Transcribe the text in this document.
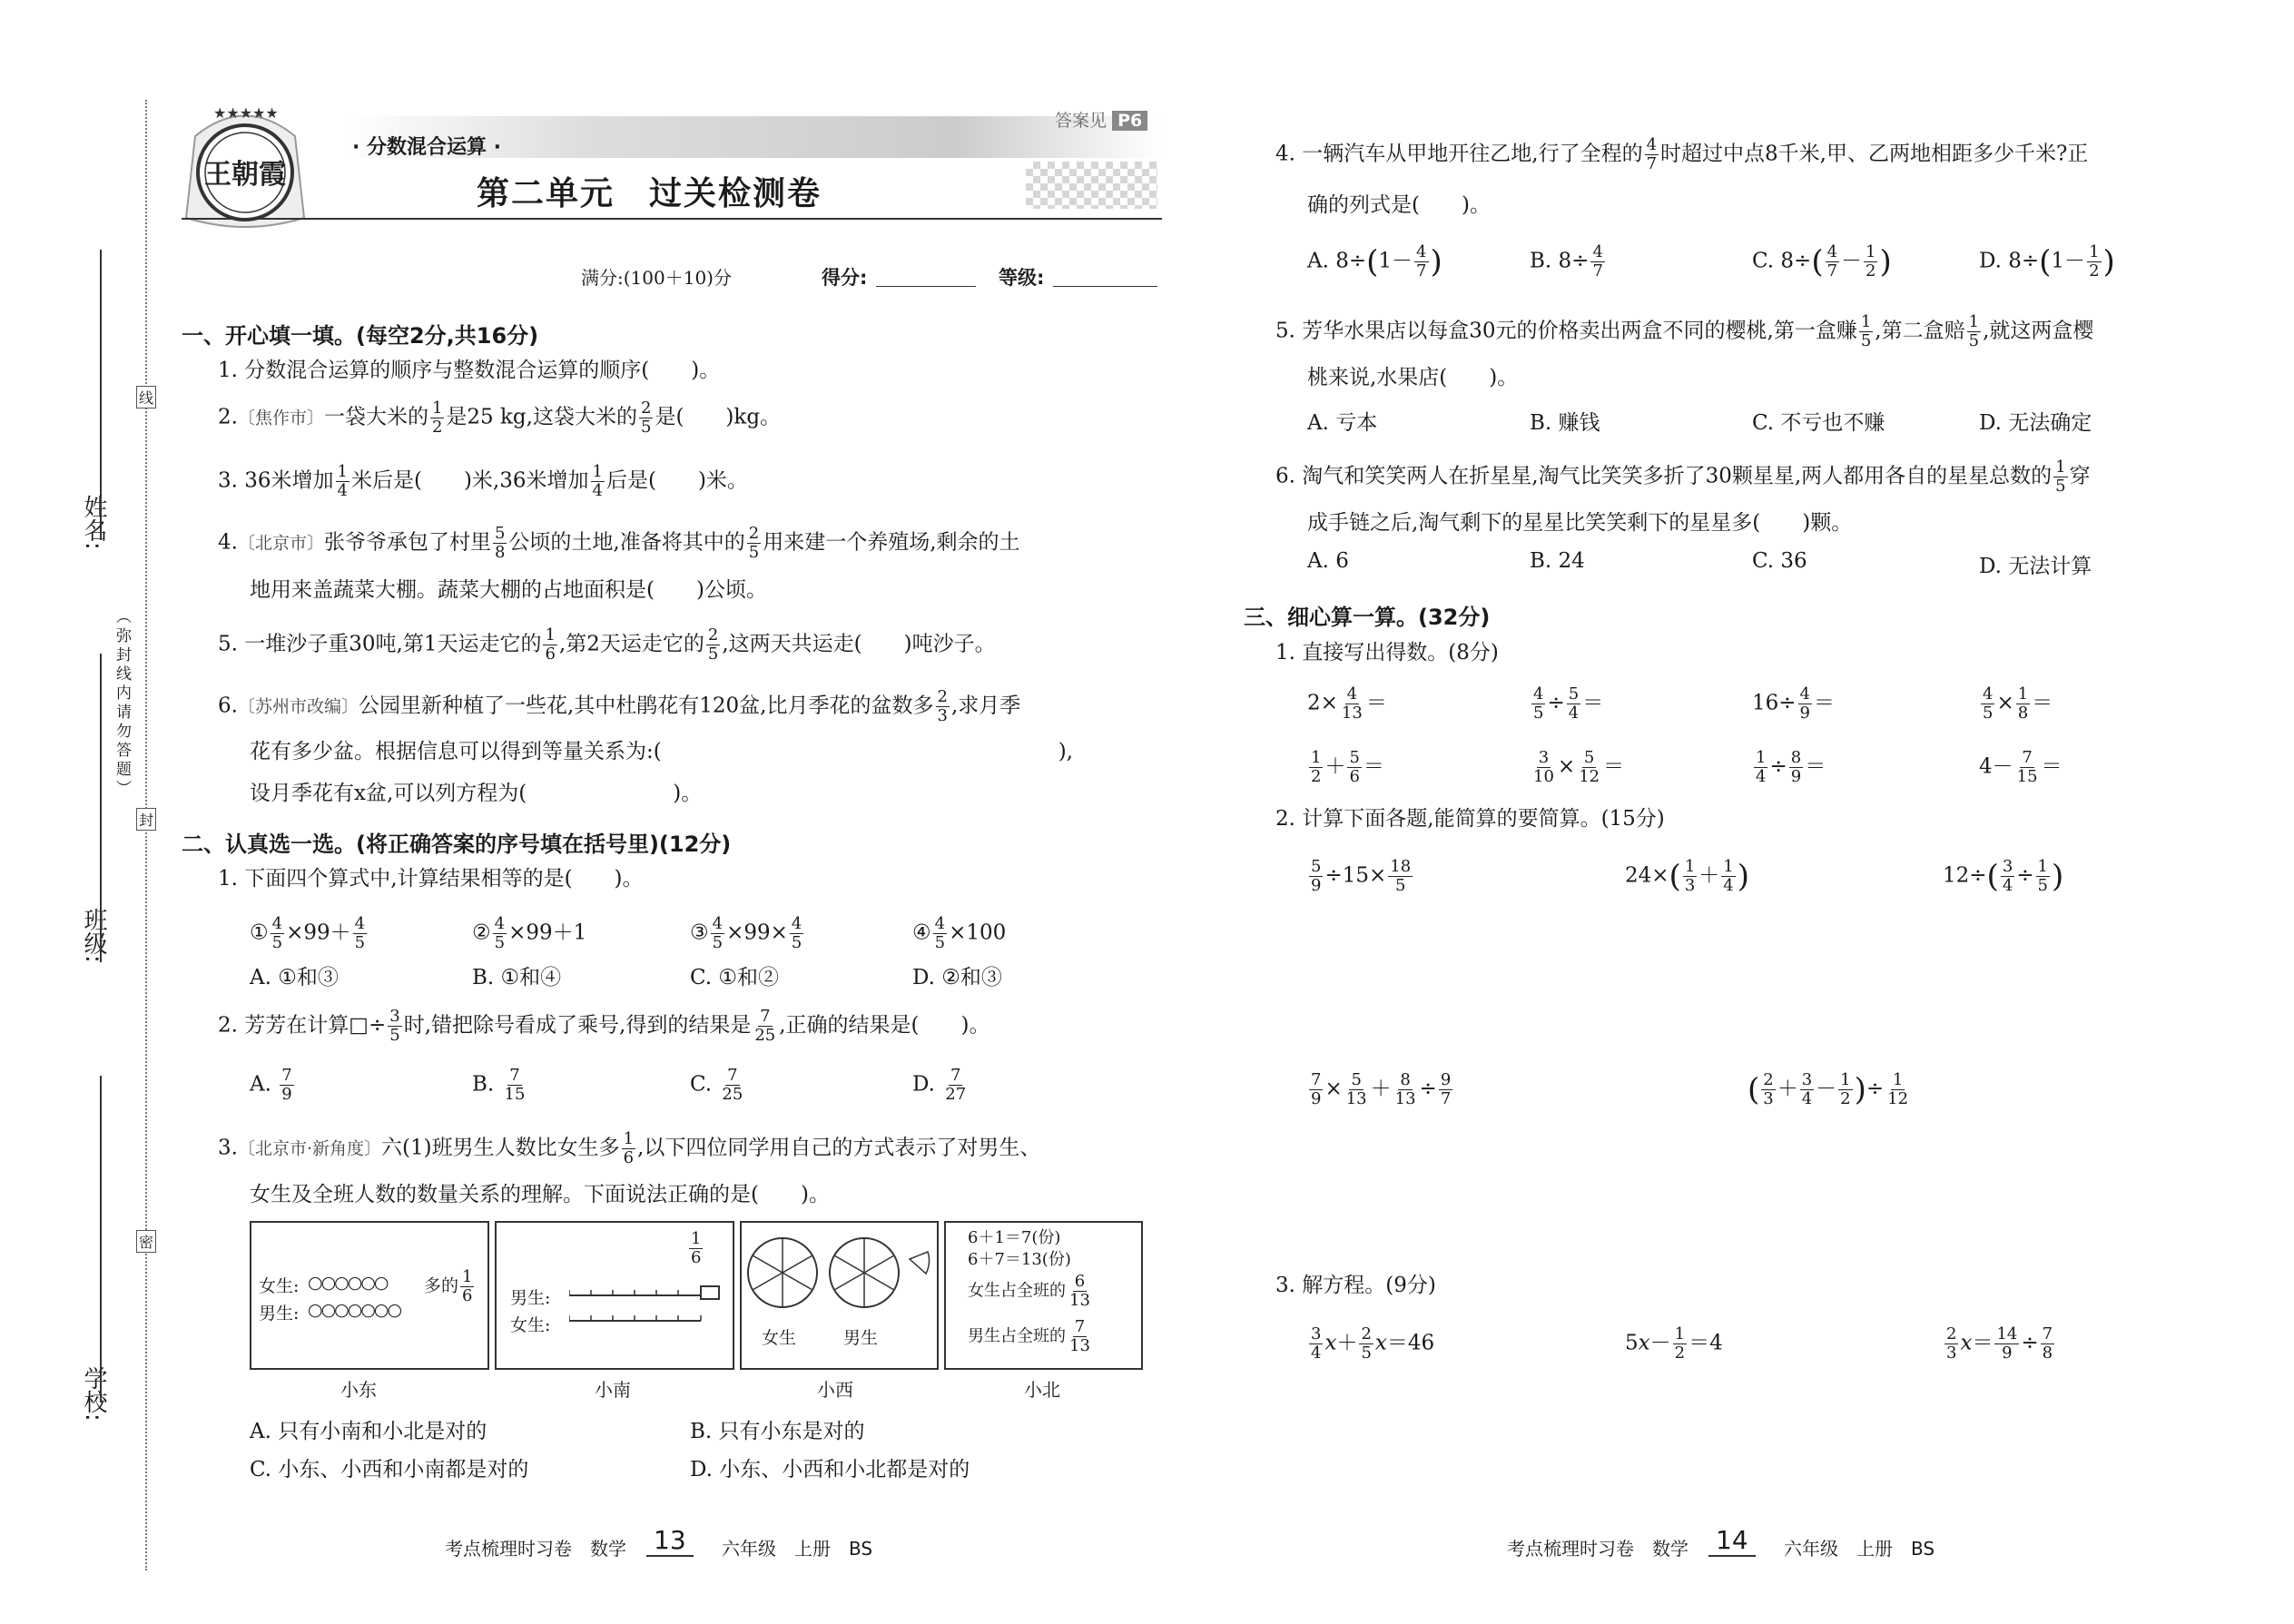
姓名:
班级:
学校:
线
封
密
（弥封线内请勿答题）
★★★★★
王朝霞
答案见 P6
· 分数混合运算 ·
第二单元　过关检测卷
满分:(100＋10)分	得分:	等级:
一、开心填一填。(每空2分,共16分)
1. 分数混合运算的顺序与整数混合运算的顺序(　　)。
2.〔焦作市〕一袋大米的 $\frac{1}{2}$ 是25 kg,这袋大米的 $\frac{2}{5}$ 是(　　)kg。
3. 36米增加 $\frac{1}{4}$ 米后是(　　)米,36米增加 $\frac{1}{4}$ 后是(　　)米。
4.〔北京市〕张爷爷承包了村里 $\frac{5}{8}$ 公顷的土地,准备将其中的 $\frac{2}{5}$ 用来建一个养殖场,剩余的土
地用来盖蔬菜大棚。蔬菜大棚的占地面积是(　　)公顷。
5. 一堆沙子重30吨,第1天运走它的 $\frac{1}{6}$ ,第2天运走它的 $\frac{2}{5}$ ,这两天共运走(　　)吨沙子。
6.〔苏州市改编〕公园里新种植了一些花,其中杜鹃花有120盆,比月季花的盆数多 $\frac{2}{3}$ ,求月季
花有多少盆。根据信息可以得到等量关系为:(　　　　　　　　　　　　　　　　　　　),
设月季花有x盆,可以列方程为(　　　　　　　)。
二、认真选一选。(将正确答案的序号填在括号里)(12分)
1. 下面四个算式中,计算结果相等的是(　　)。
① $\frac{4}{5} \times 99+ \frac{4}{5}$	② $\frac{4}{5} \times 99+1$	③ $\frac{4}{5} \times 99\times \frac{4}{5}$	④ $\frac{4}{5} \times 100$
A. ①和③	B. ①和④	C. ①和②	D. ②和③
2. 芳芳在计算□÷ $\frac{3}{5}$ 时,错把除号看成了乘号,得到的结果是 $\frac{7}{25}$ ,正确的结果是(　　)。
A. $\frac{7}{9}$	B. $\frac{7}{15}$	C. $\frac{7}{25}$	D. $\frac{7}{27}$
3.〔北京市·新角度〕六(1)班男生人数比女生多 $\frac{1}{6}$ ,以下四位同学用自己的方式表示了对男生、
女生及全班人数的数量关系的理解。下面说法正确的是(　　)。
女生:
男生:
○○○○○○
○○○○○○○
多的 $\frac{1}{6}$
$\frac{1}{6}$
男生:
女生:
女生	男生
6＋1＝7(份)
6＋7＝13(份)
女生占全班的 $\frac{6}{13}$
男生占全班的 $\frac{7}{13}$
小东	小南	小西	小北
A. 只有小南和小北是对的	B. 只有小东是对的
C. 小东、小西和小南都是对的	D. 小东、小西和小北都是对的
考点梳理时习卷　数学 13	六年级　上册　BS
4. 一辆汽车从甲地开往乙地,行了全程的 $\frac{4}{7}$ 时超过中点8千米,甲、乙两地相距多少千米?正
确的列式是(　　)。
A. $8\div(1- \frac{4}{7}$ )	B. $8\div \frac{4}{7}$	C. $8\div( \frac{4}{7} - \frac{1}{2}$ )	D. $8\div(1- \frac{1}{2}$ )
5. 芳华水果店以每盒30元的价格卖出两盒不同的樱桃,第一盒赚 $\frac{1}{5}$ ,第二盒赔 $\frac{1}{5}$ ,就这两盒樱
桃来说,水果店(　　)。
A. 亏本	B. 赚钱	C. 不亏也不赚	D. 无法确定
6. 淘气和笑笑两人在折星星,淘气比笑笑多折了30颗星星,两人都用各自的星星总数的 $\frac{1}{5}$ 穿
成手链之后,淘气剩下的星星比笑笑剩下的星星多(　　)颗。
A. 6	B. 24	C. 36	D. 无法计算
三、细心算一算。(32分)
1. 直接写出得数。(8分)
$2\times \frac{4}{13}$ ＝	$\frac{4}{5} \div \frac{5}{4}$ ＝	$16\div \frac{4}{9}$ ＝	$\frac{4}{5} \times \frac{1}{8}$ ＝
$\frac{1}{2} + \frac{5}{6}$ ＝	$\frac{3}{10} \times \frac{5}{12}$ ＝	$\frac{1}{4} \div \frac{8}{9}$ ＝	$4- \frac{7}{15}$ ＝
2. 计算下面各题,能简算的要简算。(15分)
$\frac{5}{9} \div 15\times \frac{18}{5}$	$24\times( \frac{1}{3} + \frac{1}{4}$ )	$12\div( \frac{3}{4} \div \frac{1}{5}$ )
$\frac{7}{9} \times \frac{5}{13} + \frac{8}{13} \div \frac{9}{7}$	( $\frac{2}{3} + \frac{3}{4} - \frac{1}{2}$ )÷ $\frac{1}{12}$
3. 解方程。(9分)
$\frac{3}{4} x+ \frac{2}{5} x=46$	$5x- \frac{1}{2} =4$	$\frac{2}{3} x= \frac{14}{9} \div \frac{7}{8}$
考点梳理时习卷　数学 14	六年级　上册　BS
